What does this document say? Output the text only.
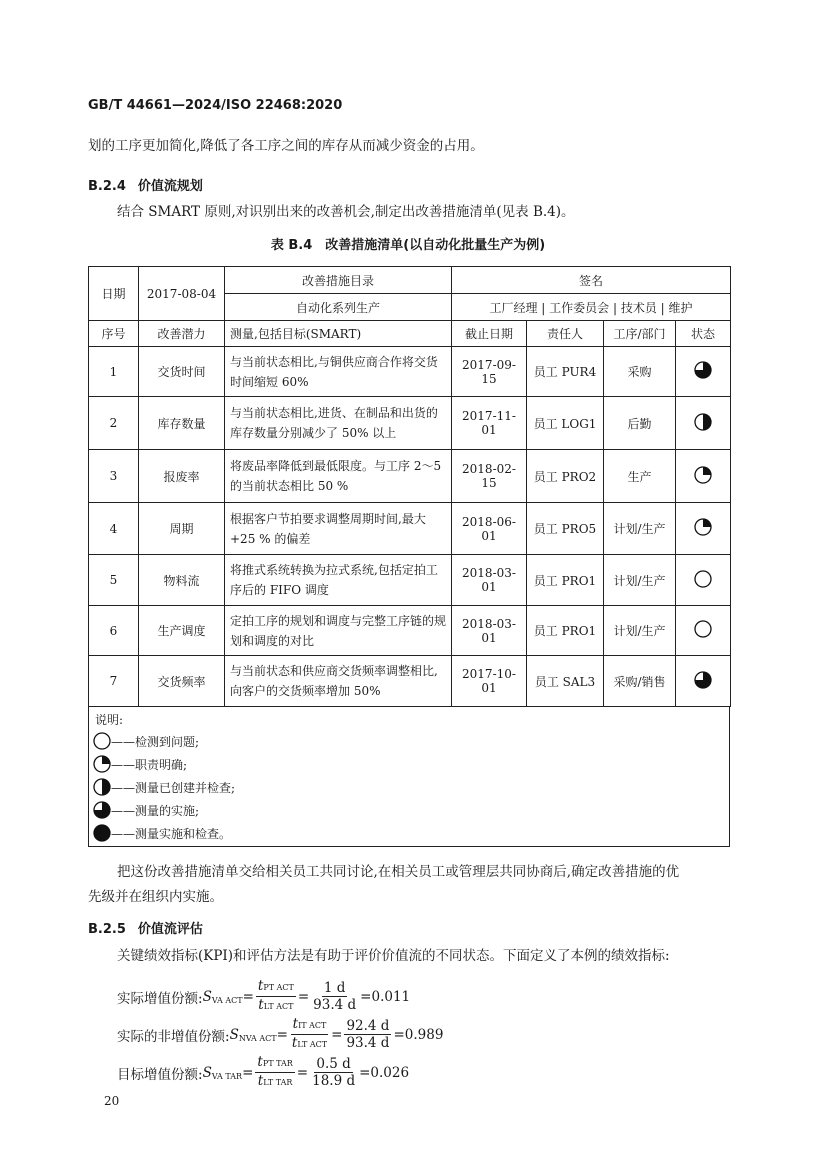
GB/T 44661—2024/ISO 22468:2020
划的工序更加简化,降低了各工序之间的库存从而减少资金的占用。
B.2.4 价值流规划
结合 SMART 原则,对识别出来的改善机会,制定出改善措施清单(见表 B.4)。
表 B.4　改善措施清单(以自动化批量生产为例)
日期	2017-08-04	改善措施目录	签名			
		自动化系列生产	工厂经理 | 工作委员会 | 技术员 | 维护			
序号	改善潜力	测量,包括目标(SMART)	截止日期	责任人	工序/部门	状态
1	交货时间	与当前状态相比,与铜供应商合作将交货时间缩短 60%	2017-09-15	员工 PUR4	采购	
2	库存数量	与当前状态相比,进货、在制品和出货的库存数量分别减少了 50% 以上	2017-11-01	员工 LOG1	后勤	
3	报废率	将废品率降低到最低限度。与工序 2～5 的当前状态相比 50 %	2018-02-15	员工 PRO2	生产	
4	周期	根据客户节拍要求调整周期时间,最大 +25 % 的偏差	2018-06-01	员工 PRO5	计划/生产	
5	物料流	将推式系统转换为拉式系统,包括定拍工序后的 FIFO 调度	2018-03-01	员工 PRO1	计划/生产	
6	生产调度	定拍工序的规划和调度与完整工序链的规划和调度的对比	2018-03-01	员工 PRO1	计划/生产	
7	交货频率	与当前状态和供应商交货频率调整相比,向客户的交货频率增加 50%	2017-10-01	员工 SAL3	采购/销售	
说明:
——检测到问题;
——职责明确;
——测量已创建并检查;
——测量的实施;
——测量实施和检查。
把这份改善措施清单交给相关员工共同讨论,在相关员工或管理层共同协商后,确定改善措施的优
先级并在组织内实施。
B.2.5 价值流评估
关键绩效指标(KPI)和评估方法是有助于评价价值流的不同状态。下面定义了本例的绩效指标:
实际增值份额: S VA ACT = $\frac{\text{tPT ACT}}{\text{tLT ACT}} = \frac{1 d}{93.4 d} =0.011$
实际的非增值份额: S NVA ACT = $\frac{\text{tIT ACT}}{\text{tLT ACT}} = \frac{92.4 d}{93.4 d} =0.989$
目标增值份额: S VA TAR = $\frac{\text{tPT TAR}}{\text{tLT TAR}} = \frac{0.5 d}{18.9 d} =0.026$
20
